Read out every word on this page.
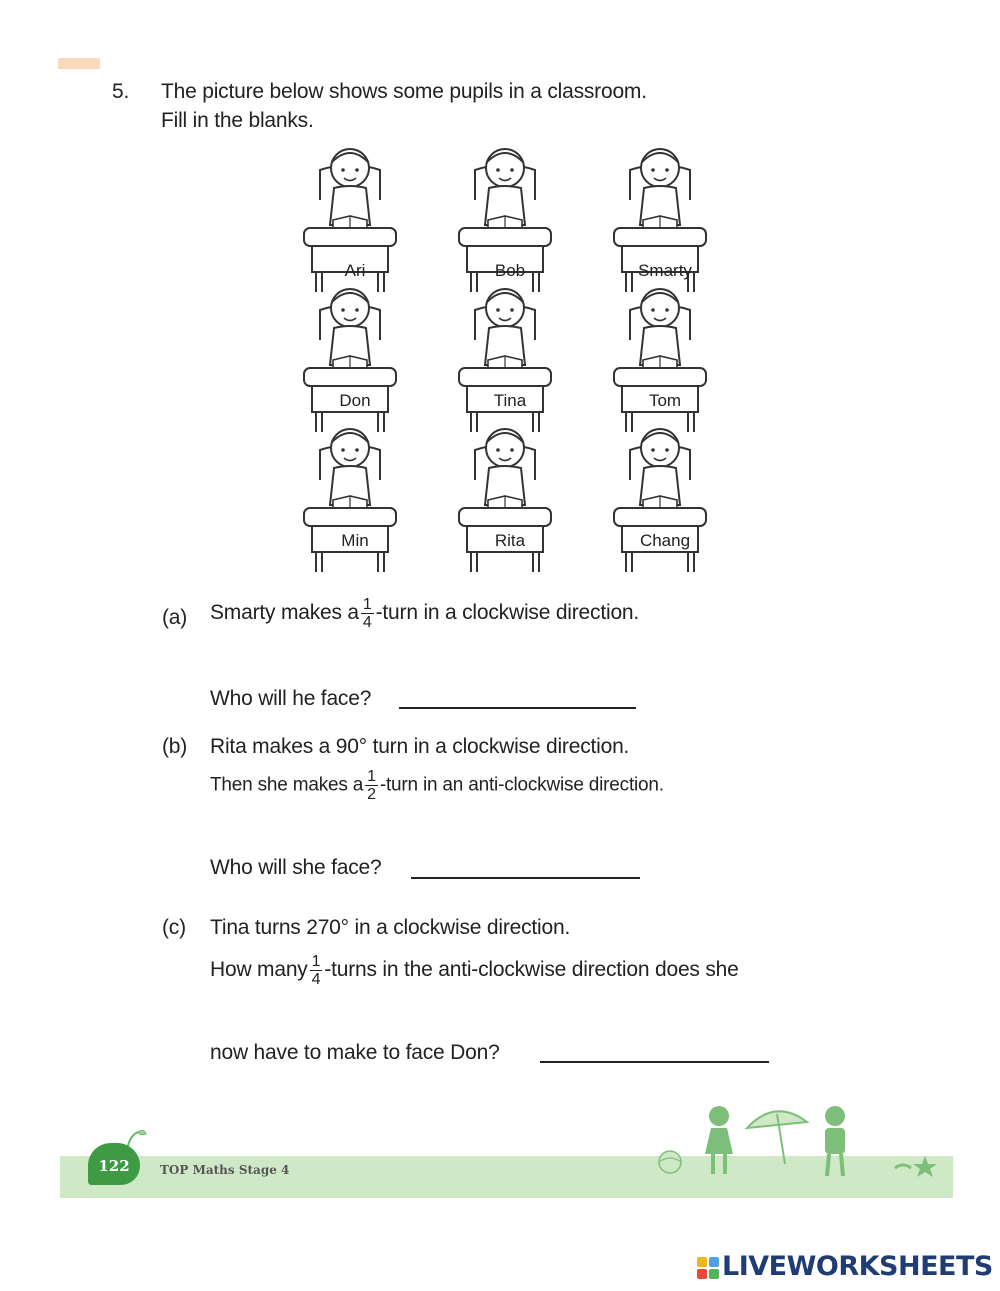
5. The picture below shows some pupils in a classroom.
Fill in the blanks.
Ari	Bob	Smarty
Don	Tina	Tom
Min	Rita	Chang
(a) Smarty makes a $\frac{1}{4}$ -turn in a clockwise direction.
Who will he face?
(b) Rita makes a 90° turn in a clockwise direction.
Then she makes a $\frac{1}{2}$ -turn in an anti-clockwise direction.
Who will she face?
(c) Tina turns 270° in a clockwise direction.
How many $\frac{1}{4}$ -turns in the anti-clockwise direction does she
now have to make to face Don?
122	TOP Maths Stage 4
LIVEWORKSHEETS
